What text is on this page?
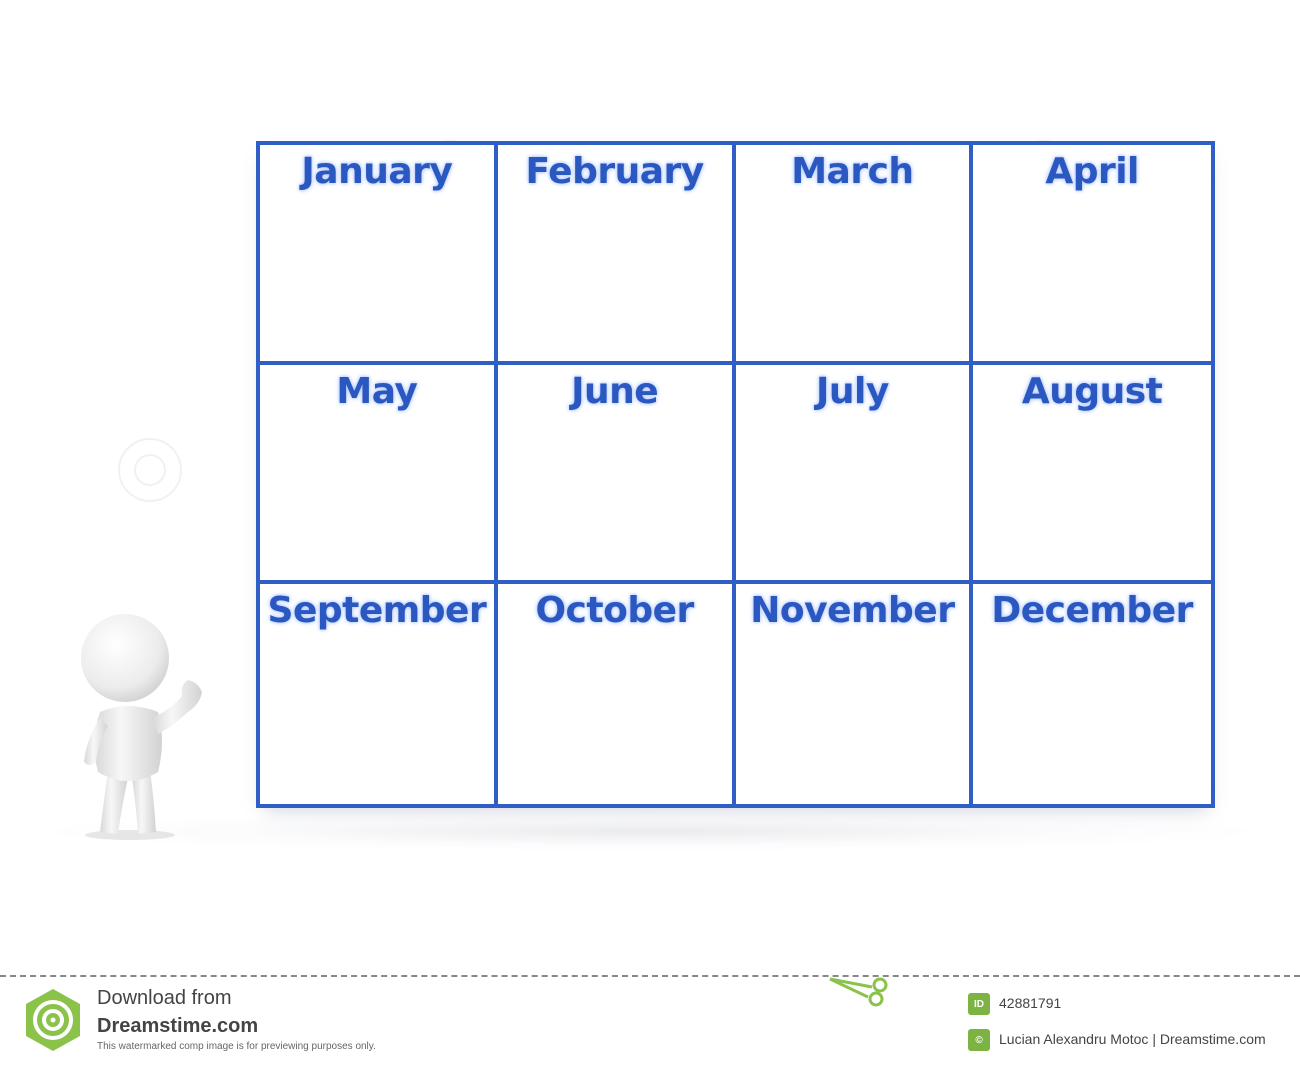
January February March	April
May	June	July	August
September October November December
Download from
Dreamstime.com
This watermarked comp image is for previewing purposes only.
ID	42881791
©	Lucian Alexandru Motoc | Dreamstime.com
